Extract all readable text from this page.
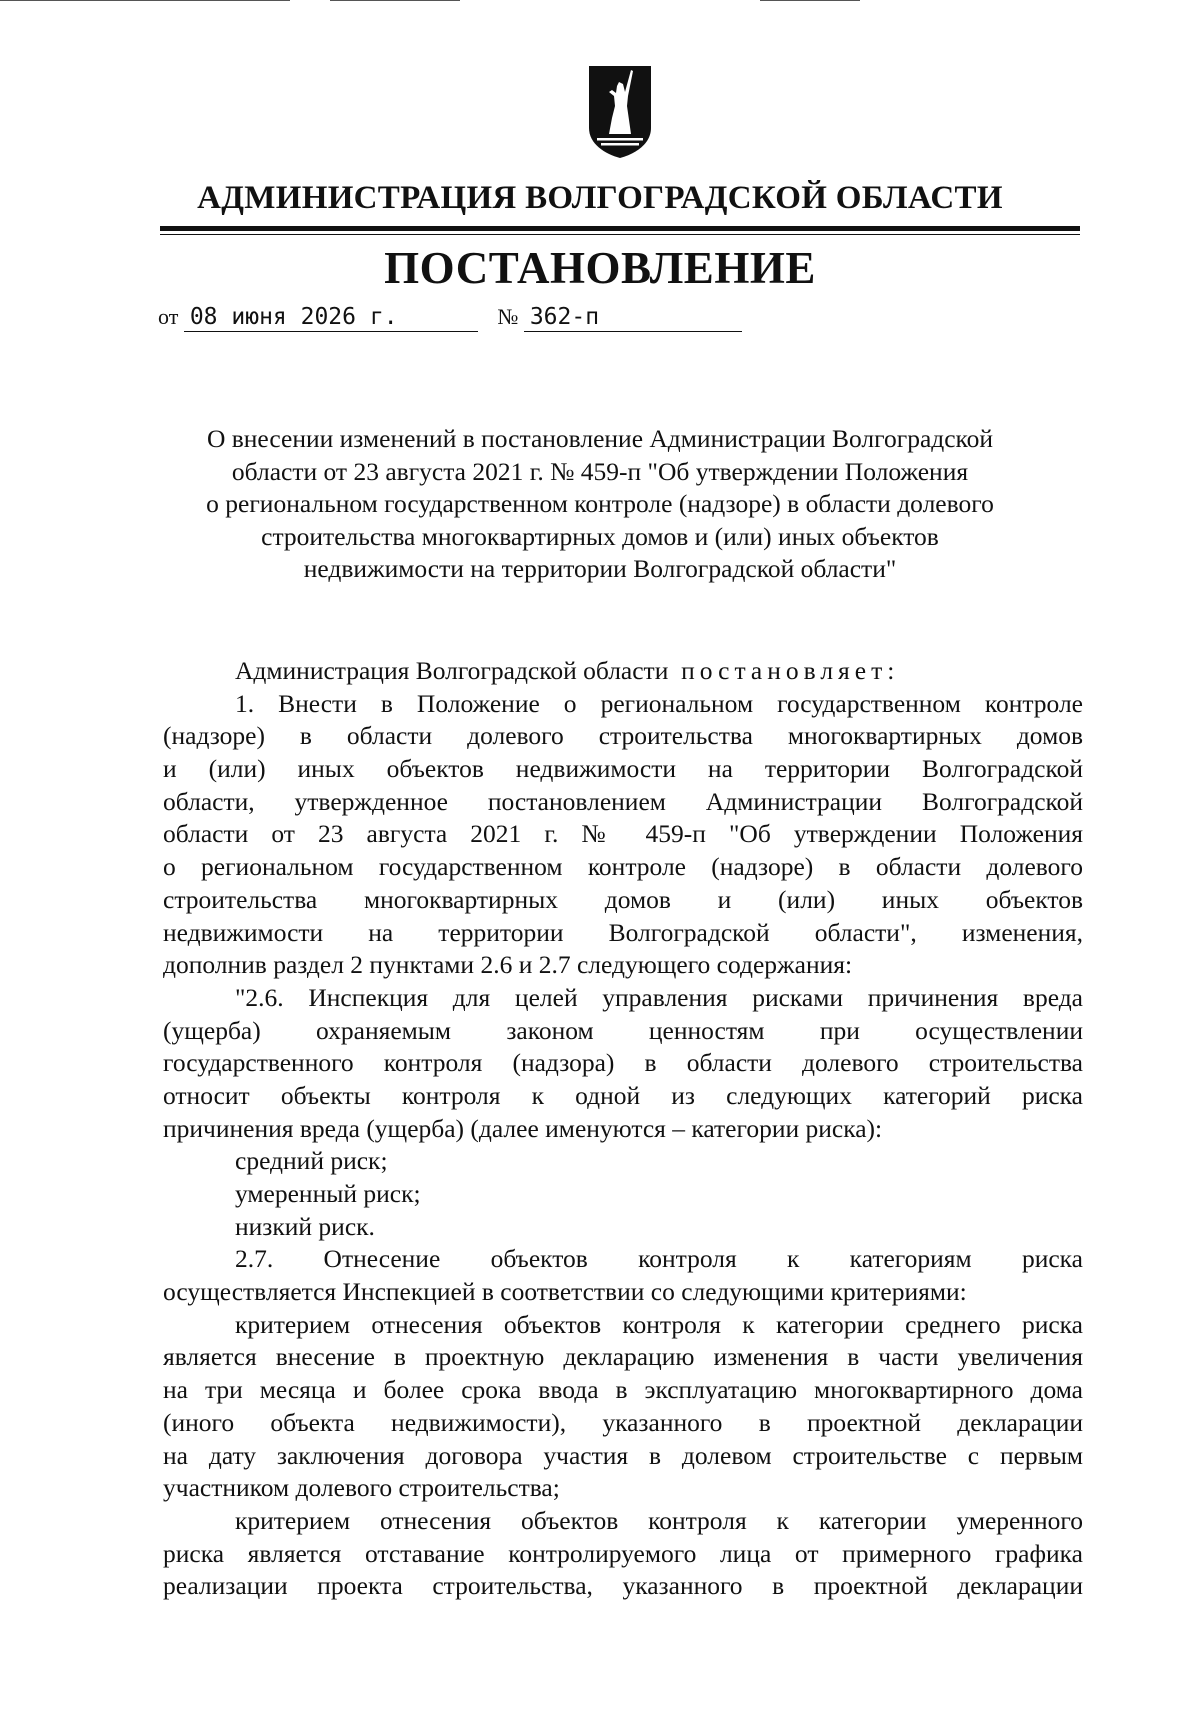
АДМИНИСТРАЦИЯ ВОЛГОГРАДСКОЙ ОБЛАСТИ
ПОСТАНОВЛЕНИЕ
от 08 июня 2026 г.	№ 362-п
О внесении изменений в постановление Администрации Волгоградской
области от 23 августа 2021 г. № 459-п "Об утверждении Положения
о региональном государственном контроле (надзоре) в области долевого
строительства многоквартирных домов и (или) иных объектов
недвижимости на территории Волгоградской области"
Администрация Волгоградской области постановляет:
1. Внести в Положение о региональном государственном контроле
(надзоре) в области долевого строительства многоквартирных домов
и (или) иных объектов недвижимости на территории Волгоградской
области, утвержденное постановлением Администрации Волгоградской
области от 23 августа 2021 г. № 459-п "Об утверждении Положения
о региональном государственном контроле (надзоре) в области долевого
строительства многоквартирных домов и (или) иных объектов
недвижимости на территории Волгоградской области", изменения,
дополнив раздел 2 пунктами 2.6 и 2.7 следующего содержания:
"2.6. Инспекция для целей управления рисками причинения вреда
(ущерба) охраняемым законом ценностям при осуществлении
государственного контроля (надзора) в области долевого строительства
относит объекты контроля к одной из следующих категорий риска
причинения вреда (ущерба) (далее именуются – категории риска):
средний риск;
умеренный риск;
низкий риск.
2.7. Отнесение объектов контроля к категориям риска
осуществляется Инспекцией в соответствии со следующими критериями:
критерием отнесения объектов контроля к категории среднего риска
является внесение в проектную декларацию изменения в части увеличения
на три месяца и более срока ввода в эксплуатацию многоквартирного дома
(иного объекта недвижимости), указанного в проектной декларации
на дату заключения договора участия в долевом строительстве с первым
участником долевого строительства;
критерием отнесения объектов контроля к категории умеренного
риска является отставание контролируемого лица от примерного графика
реализации проекта строительства, указанного в проектной декларации
